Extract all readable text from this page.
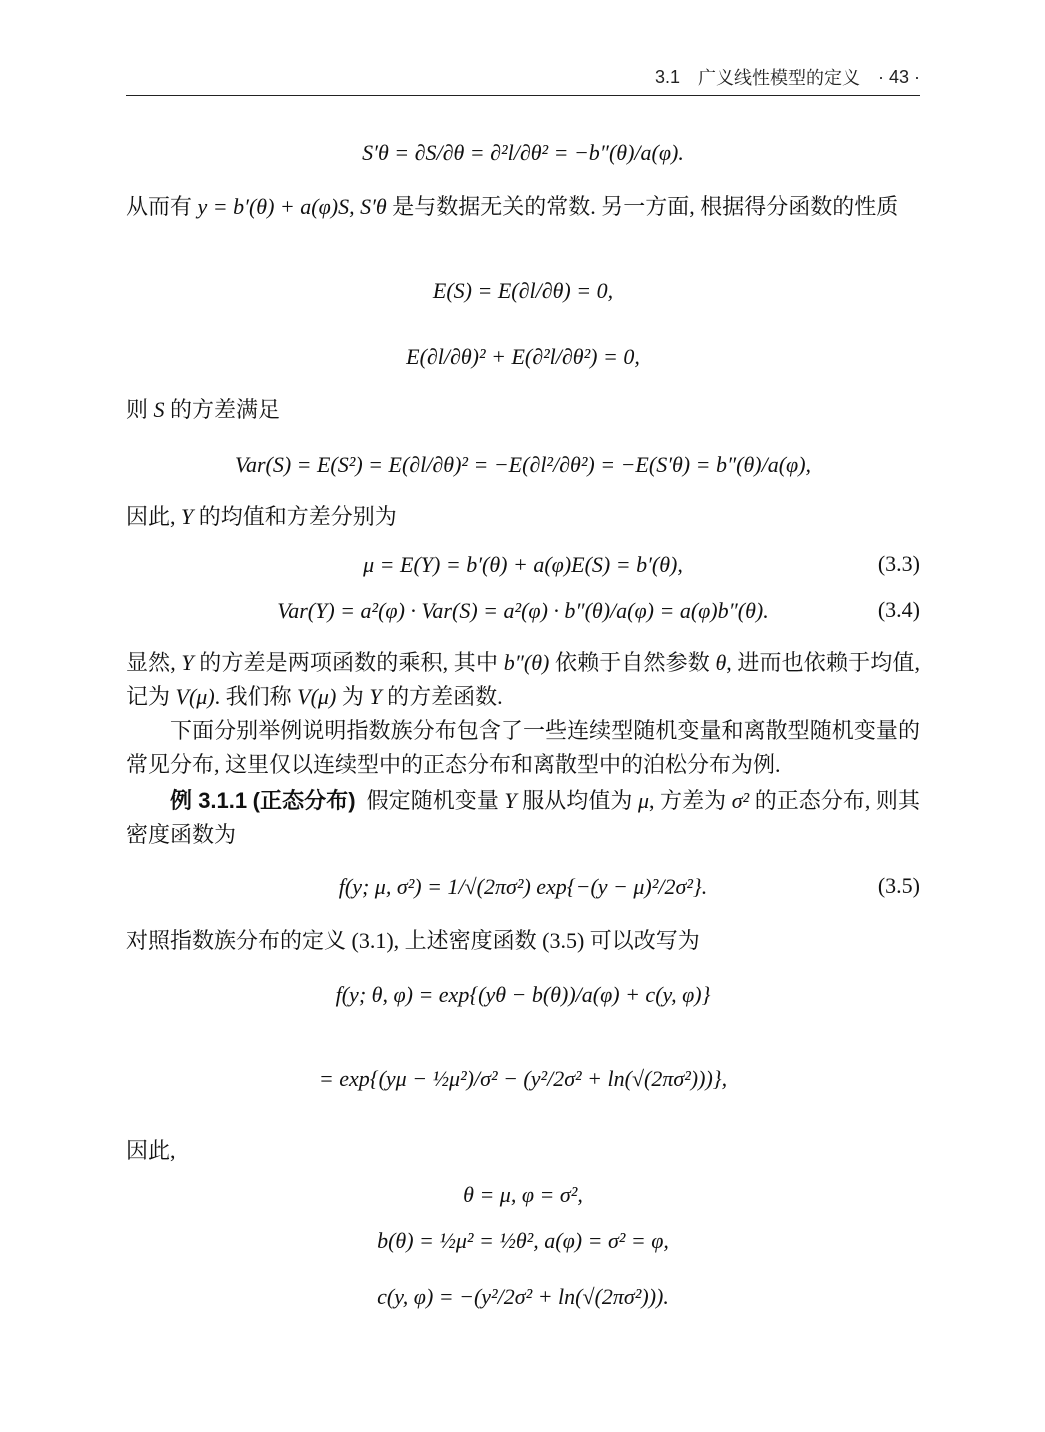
3.1 广义线性模型的定义 · 43 ·
S′θ = ∂S/∂θ = ∂²l/∂θ² = −b″(θ)/a(φ).
从而有 y = b′(θ) + a(φ)S, S′θ 是与数据无关的常数. 另一方面, 根据得分函数的性质
E(S) = E(∂l/∂θ) = 0,
E(∂l/∂θ)² + E(∂²l/∂θ²) = 0,
则 S 的方差满足
Var(S) = E(S²) = E(∂l/∂θ)² = −E(∂l²/∂θ²) = −E(S′θ) = b″(θ)/a(φ),
因此, Y 的均值和方差分别为
μ = E(Y) = b′(θ) + a(φ)E(S) = b′(θ),	(3.3)
Var(Y) = a²(φ) · Var(S) = a²(φ) · b″(θ)/a(φ) = a(φ)b″(θ).	(3.4)
显然, Y 的方差是两项函数的乘积, 其中 b″(θ) 依赖于自然参数 θ, 进而也依赖于均值, 记为 V(μ). 我们称 V(μ) 为 Y 的方差函数.
下面分别举例说明指数族分布包含了一些连续型随机变量和离散型随机变量的常见分布, 这里仅以连续型中的正态分布和离散型中的泊松分布为例.
例 3.1.1 (正态分布) 假定随机变量 Y 服从均值为 μ, 方差为 σ² 的正态分布, 则其密度函数为
f(y; μ, σ²) = 1/√(2πσ²) exp{−(y − μ)²/2σ²}.	(3.5)
对照指数族分布的定义 (3.1), 上述密度函数 (3.5) 可以改写为
f(y; θ, φ) = exp{(yθ − b(θ))/a(φ) + c(y, φ)}
= exp{(yμ − ½μ²)/σ² − (y²/2σ² + ln(√(2πσ²)))},
因此,
θ = μ, φ = σ²,
b(θ) = ½μ² = ½θ², a(φ) = σ² = φ,
c(y, φ) = −(y²/2σ² + ln(√(2πσ²))).
